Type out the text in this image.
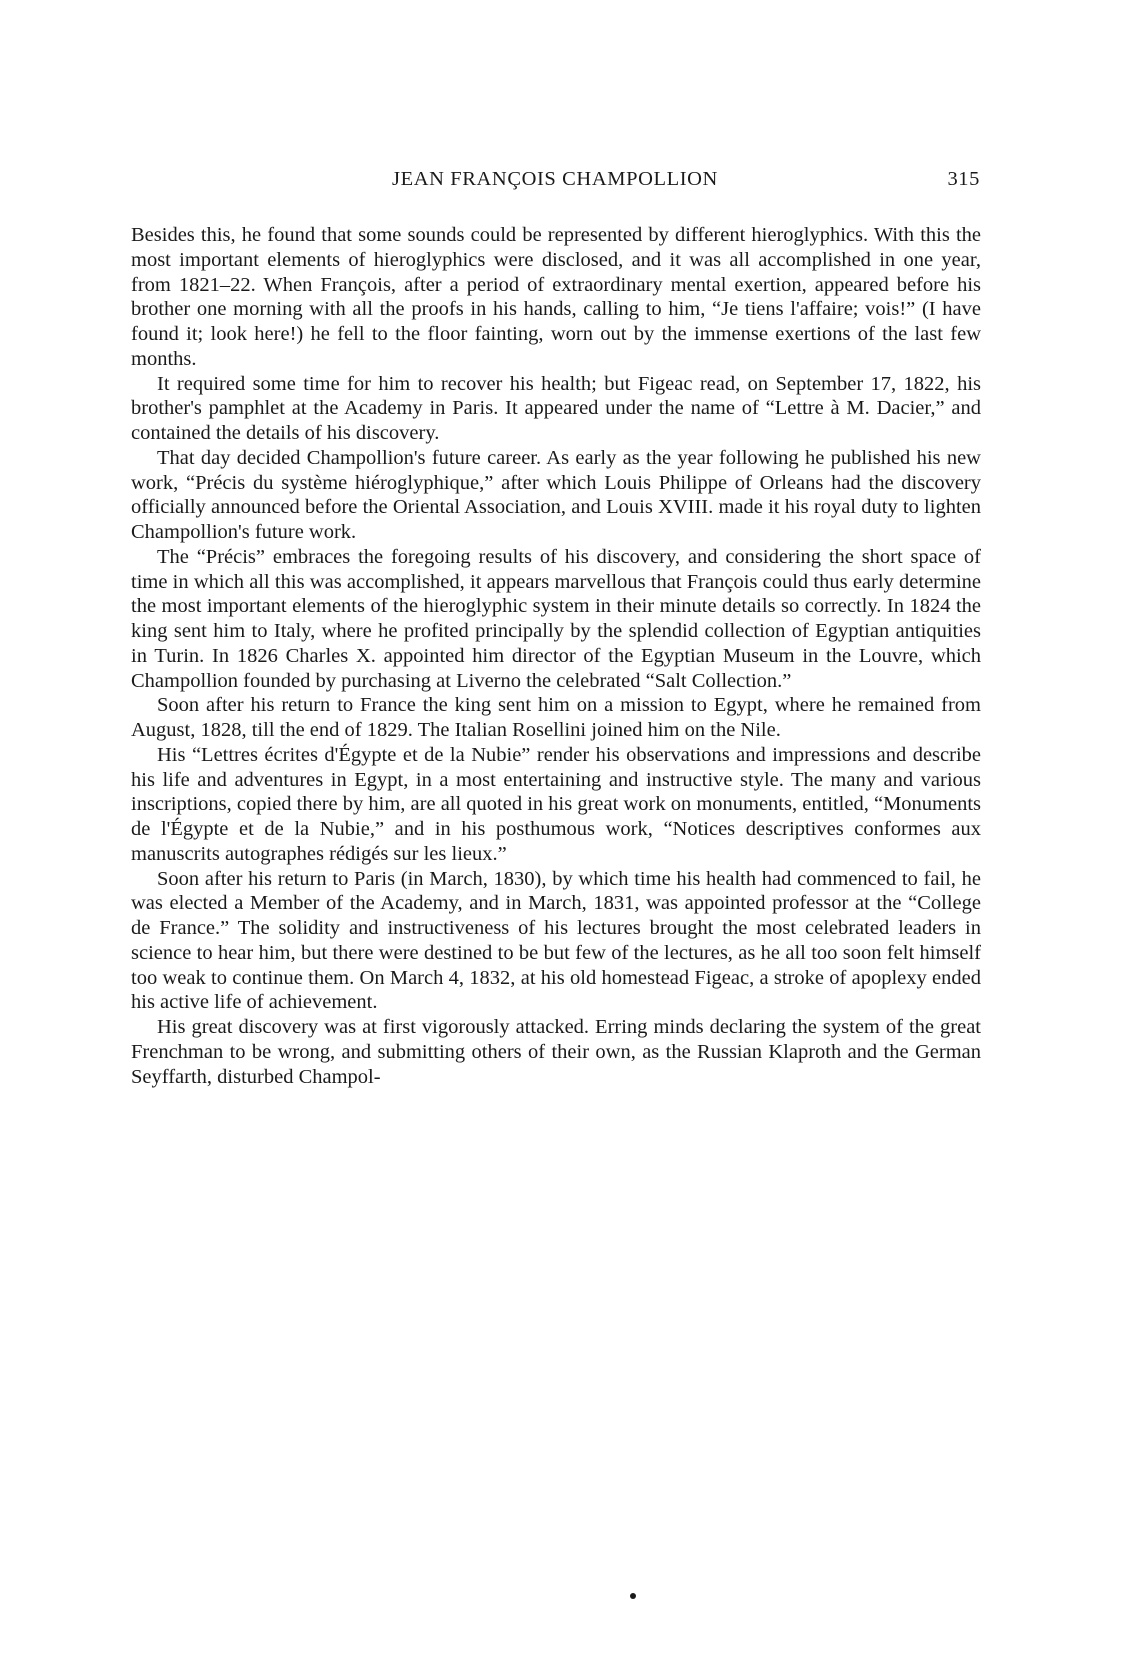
JEAN FRANÇOIS CHAMPOLLION	315

Besides this, he found that some sounds could be represented by different hieroglyphics. With this the most important elements of hieroglyphics were disclosed, and it was all accomplished in one year, from 1821–22. When François, after a period of extraordinary mental exertion, appeared before his brother one morning with all the proofs in his hands, calling to him, “Je tiens l'affaire; vois!” (I have found it; look here!) he fell to the floor fainting, worn out by the immense exertions of the last few months.

It required some time for him to recover his health; but Figeac read, on September 17, 1822, his brother's pamphlet at the Academy in Paris. It appeared under the name of “Lettre à M. Dacier,” and contained the details of his discovery.

That day decided Champollion's future career. As early as the year following he published his new work, “Précis du système hiéroglyphique,” after which Louis Philippe of Orleans had the discovery officially announced before the Oriental Association, and Louis XVIII. made it his royal duty to lighten Champollion's future work.

The “Précis” embraces the foregoing results of his discovery, and considering the short space of time in which all this was accomplished, it appears marvellous that François could thus early determine the most important elements of the hieroglyphic system in their minute details so correctly. In 1824 the king sent him to Italy, where he profited principally by the splendid collection of Egyptian antiquities in Turin. In 1826 Charles X. appointed him director of the Egyptian Museum in the Louvre, which Champollion founded by purchasing at Liverno the celebrated “Salt Collection.”

Soon after his return to France the king sent him on a mission to Egypt, where he remained from August, 1828, till the end of 1829. The Italian Rosellini joined him on the Nile.

His “Lettres écrites d'Égypte et de la Nubie” render his observations and impressions and describe his life and adventures in Egypt, in a most entertaining and instructive style. The many and various inscriptions, copied there by him, are all quoted in his great work on monuments, entitled, “Monuments de l'Égypte et de la Nubie,” and in his posthumous work, “Notices descriptives conformes aux manuscrits autographes rédigés sur les lieux.”

Soon after his return to Paris (in March, 1830), by which time his health had commenced to fail, he was elected a Member of the Academy, and in March, 1831, was appointed professor at the “College de France.” The solidity and instructiveness of his lectures brought the most celebrated leaders in science to hear him, but there were destined to be but few of the lectures, as he all too soon felt himself too weak to continue them. On March 4, 1832, at his old homestead Figeac, a stroke of apoplexy ended his active life of achievement.

His great discovery was at first vigorously attacked. Erring minds declaring the system of the great Frenchman to be wrong, and submitting others of their own, as the Russian Klaproth and the German Seyffarth, disturbed Champol-
